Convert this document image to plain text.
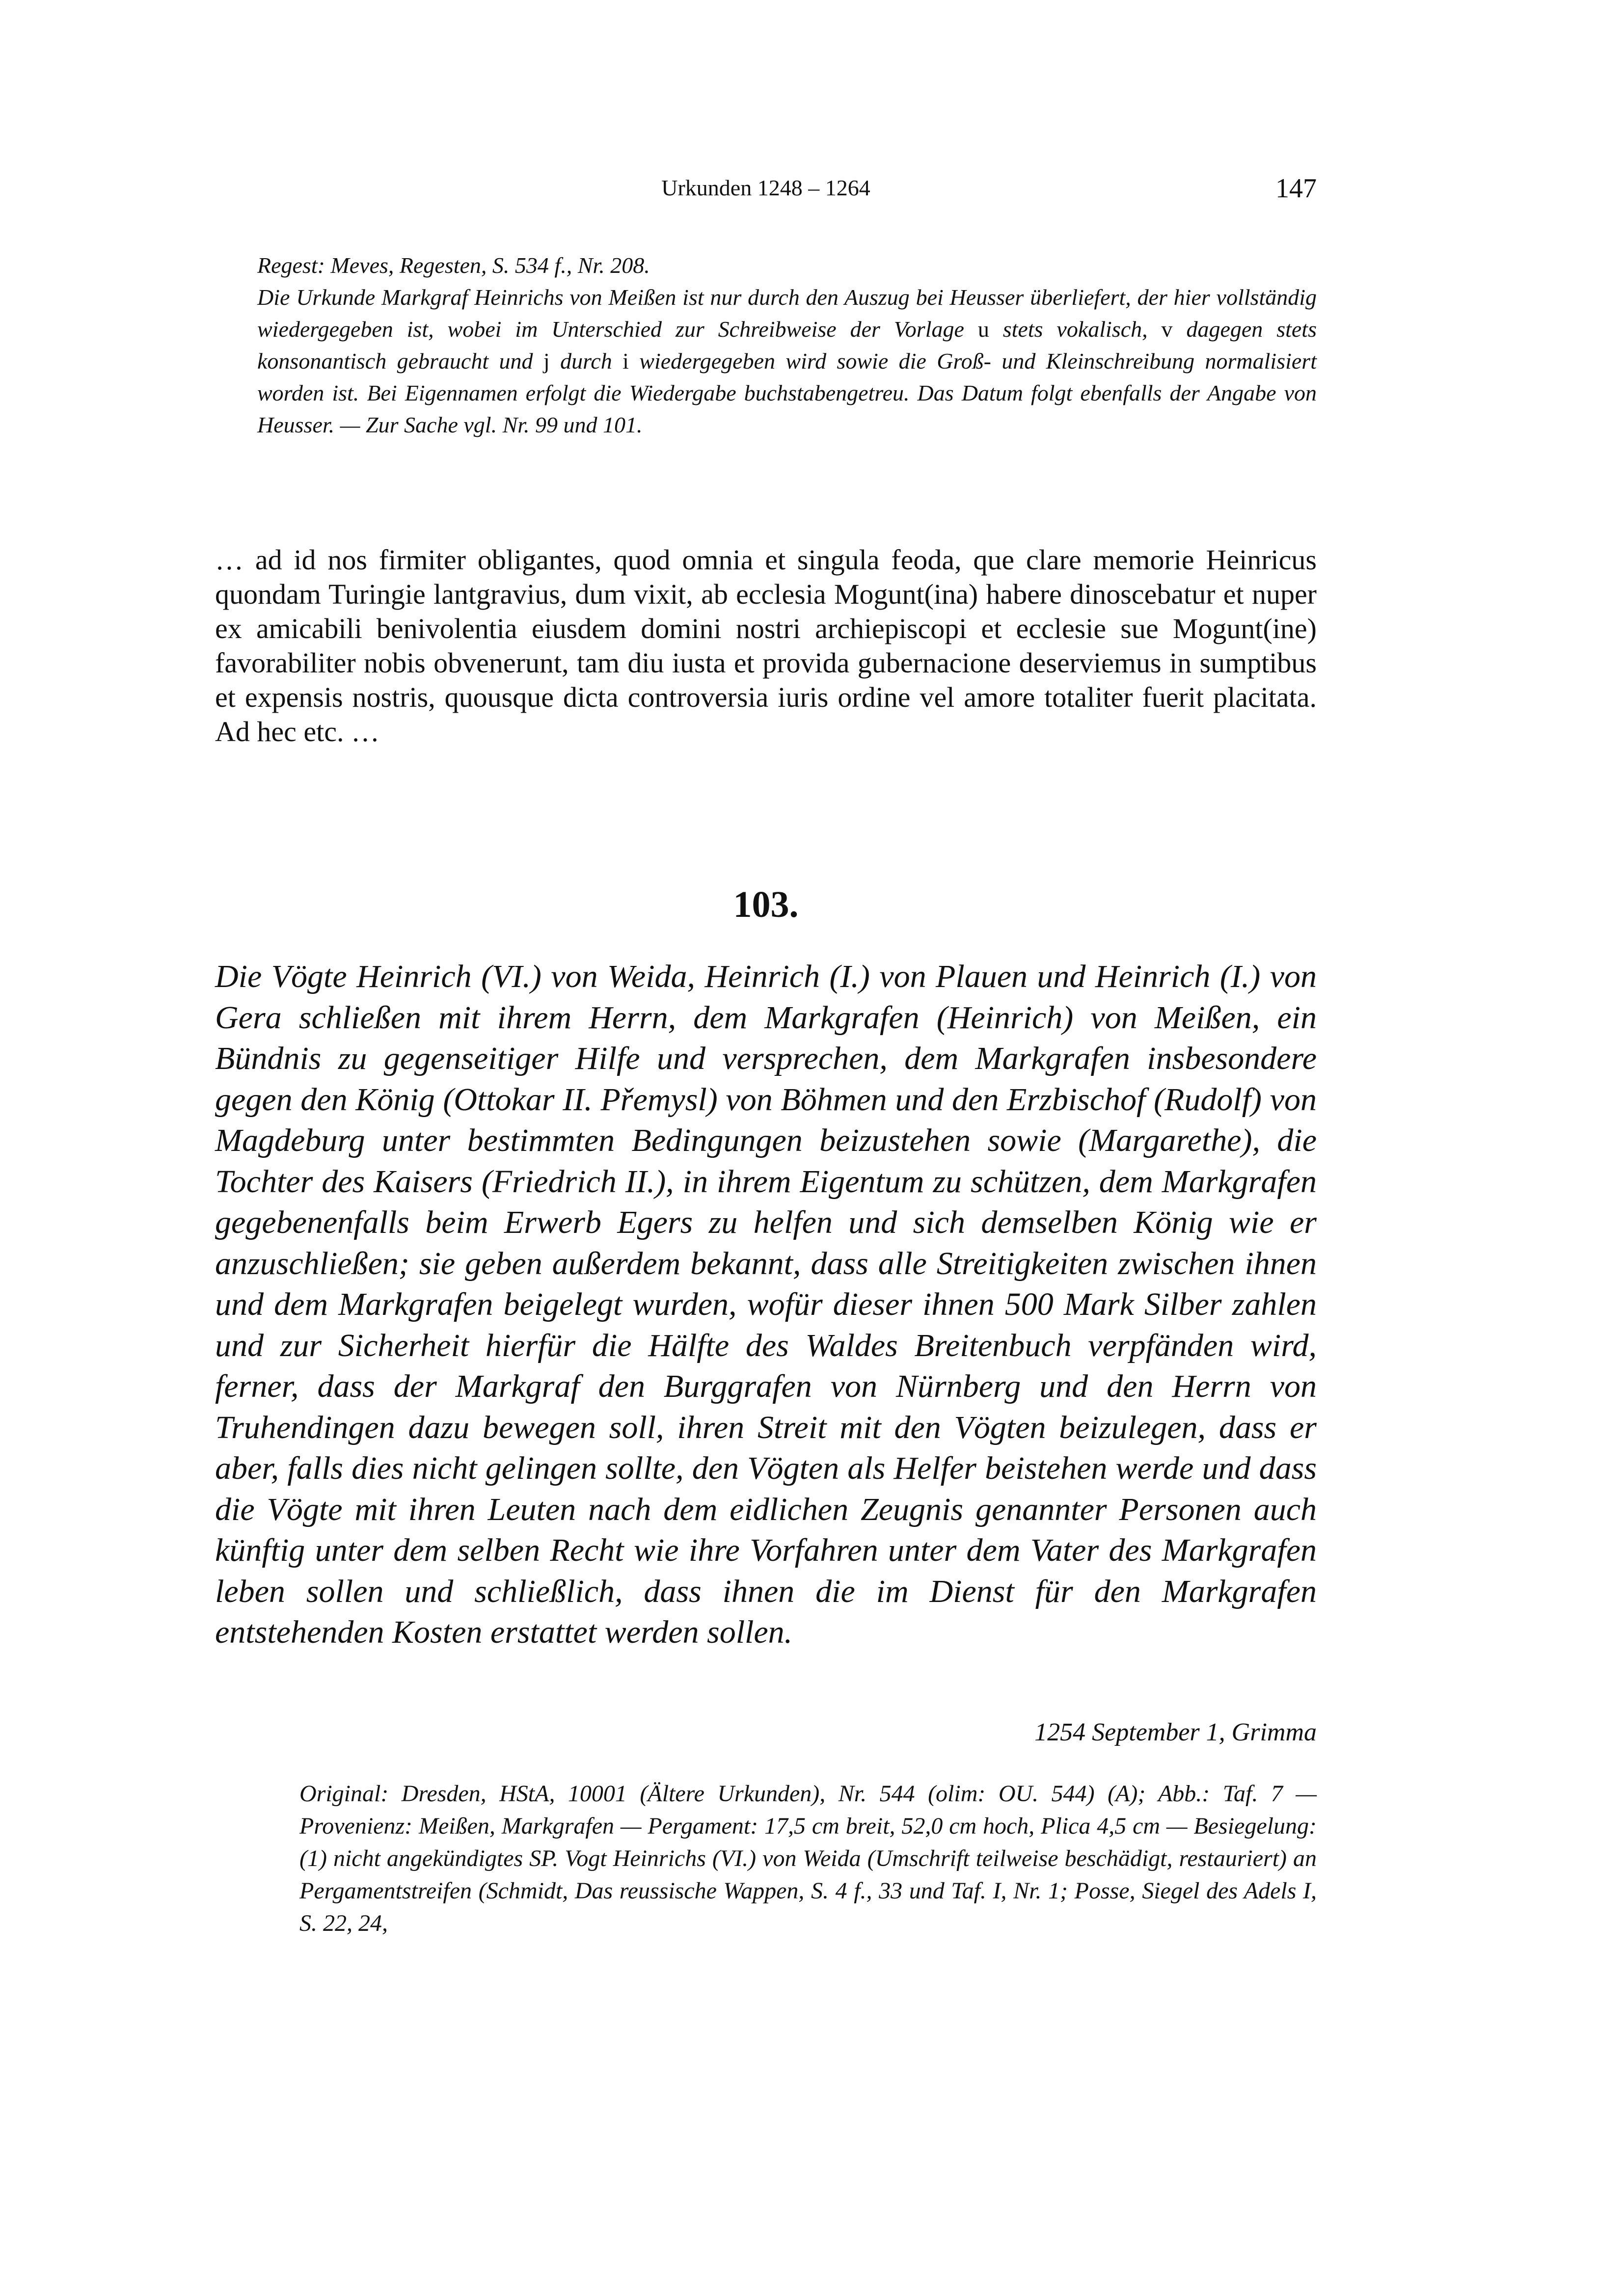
Urkunden 1248 – 1264	147

Regest: Meves, Regesten, S. 534 f., Nr. 208.

Die Urkunde Markgraf Heinrichs von Meißen ist nur durch den Auszug bei Heusser überliefert, der hier vollständig wiedergegeben ist, wobei im Unterschied zur Schreibweise der Vorlage u stets vokalisch, v dagegen stets konsonantisch gebraucht und j durch i wiedergegeben wird sowie die Groß- und Kleinschreibung normalisiert worden ist. Bei Eigennamen erfolgt die Wiedergabe buchstabengetreu. Das Datum folgt ebenfalls der Angabe von Heusser. — Zur Sache vgl. Nr. 99 und 101.

… ad id nos firmiter obligantes, quod omnia et singula feoda, que clare memorie Heinricus quondam Turingie lantgravius, dum vixit, ab ecclesia Mogunt(ina) habere dinoscebatur et nuper ex amicabili benivolentia eiusdem domini nostri archiepiscopi et ecclesie sue Mogunt(ine) favorabiliter nobis obvenerunt, tam diu iusta et provida gubernacione deserviemus in sumptibus et expensis nostris, quousque dicta controversia iuris ordine vel amore totaliter fuerit placitata. Ad hec etc. …

103.

Die Vögte Heinrich (VI.) von Weida, Heinrich (I.) von Plauen und Heinrich (I.) von Gera schließen mit ihrem Herrn, dem Markgrafen (Heinrich) von Meißen, ein Bündnis zu gegenseitiger Hilfe und versprechen, dem Markgrafen insbesondere gegen den König (Ottokar II. Přemysl) von Böhmen und den Erzbischof (Rudolf) von Magdeburg unter bestimmten Bedingungen beizustehen sowie (Margarethe), die Tochter des Kaisers (Friedrich II.), in ihrem Eigentum zu schützen, dem Markgrafen gegebenenfalls beim Erwerb Egers zu helfen und sich demselben König wie er anzuschließen; sie geben außerdem bekannt, dass alle Streitigkeiten zwischen ihnen und dem Markgrafen beigelegt wurden, wofür dieser ihnen 500 Mark Silber zahlen und zur Sicherheit hierfür die Hälfte des Waldes Breitenbuch verpfänden wird, ferner, dass der Markgraf den Burggrafen von Nürnberg und den Herrn von Truhendingen dazu bewegen soll, ihren Streit mit den Vögten beizulegen, dass er aber, falls dies nicht gelingen sollte, den Vögten als Helfer beistehen werde und dass die Vögte mit ihren Leuten nach dem eidlichen Zeugnis genannter Personen auch künftig unter dem selben Recht wie ihre Vorfahren unter dem Vater des Markgrafen leben sollen und schließlich, dass ihnen die im Dienst für den Markgrafen entstehenden Kosten erstattet werden sollen.

1254 September 1, Grimma

Original: Dresden, HStA, 10001 (Ältere Urkunden), Nr. 544 (olim: OU. 544) (A); Abb.: Taf. 7 — Provenienz: Meißen, Markgrafen — Pergament: 17,5 cm breit, 52,0 cm hoch, Plica 4,5 cm — Besiegelung: (1) nicht angekündigtes SP. Vogt Heinrichs (VI.) von Weida (Umschrift teilweise beschädigt, restauriert) an Pergamentstreifen (Schmidt, Das reussische Wappen, S. 4 f., 33 und Taf. I, Nr. 1; Posse, Siegel des Adels I, S. 22, 24,
